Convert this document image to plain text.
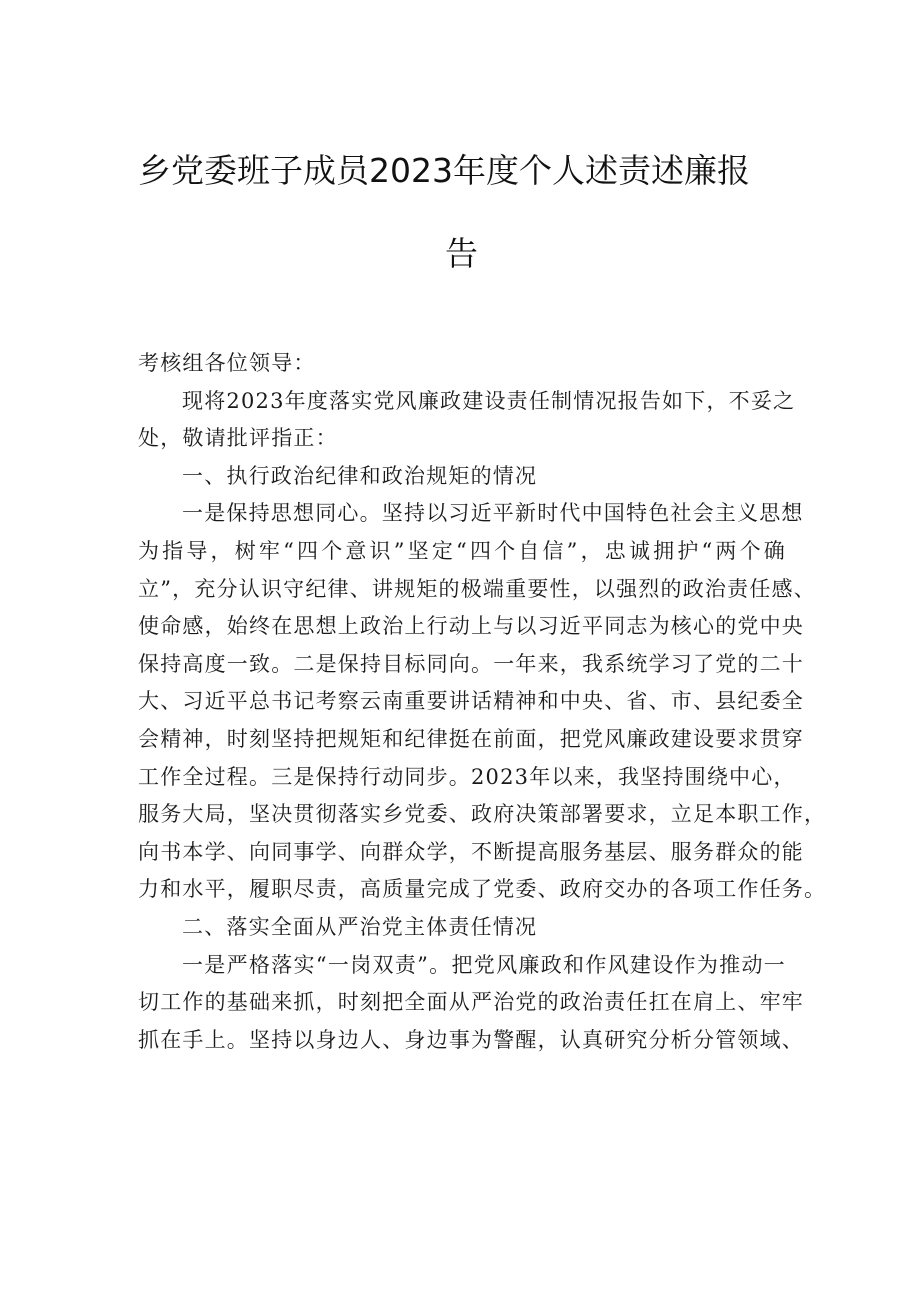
乡党委班子成员2023年度个人述责述廉报
告
考核组各位领导：
现将2023年度落实党风廉政建设责任制情况报告如下，不妥之
处，敬请批评指正：
一、执行政治纪律和政治规矩的情况
一是保持思想同心。坚持以习近平新时代中国特色社会主义思想
为指导，树牢“四个意识”坚定“四个自信”，忠诚拥护“两个确
立”，充分认识守纪律、讲规矩的极端重要性，以强烈的政治责任感、
使命感，始终在思想上政治上行动上与以习近平同志为核心的党中央
保持高度一致。二是保持目标同向。一年来，我系统学习了党的二十
大、习近平总书记考察云南重要讲话精神和中央、省、市、县纪委全
会精神，时刻坚持把规矩和纪律挺在前面，把党风廉政建设要求贯穿
工作全过程。三是保持行动同步。2023年以来，我坚持围绕中心，
服务大局，坚决贯彻落实乡党委、政府决策部署要求，立足本职工作，
向书本学、向同事学、向群众学，不断提高服务基层、服务群众的能
力和水平，履职尽责，高质量完成了党委、政府交办的各项工作任务。
二、落实全面从严治党主体责任情况
一是严格落实“一岗双责”。把党风廉政和作风建设作为推动一
切工作的基础来抓，时刻把全面从严治党的政治责任扛在肩上、牢牢
抓在手上。坚持以身边人、身边事为警醒，认真研究分析分管领域、
